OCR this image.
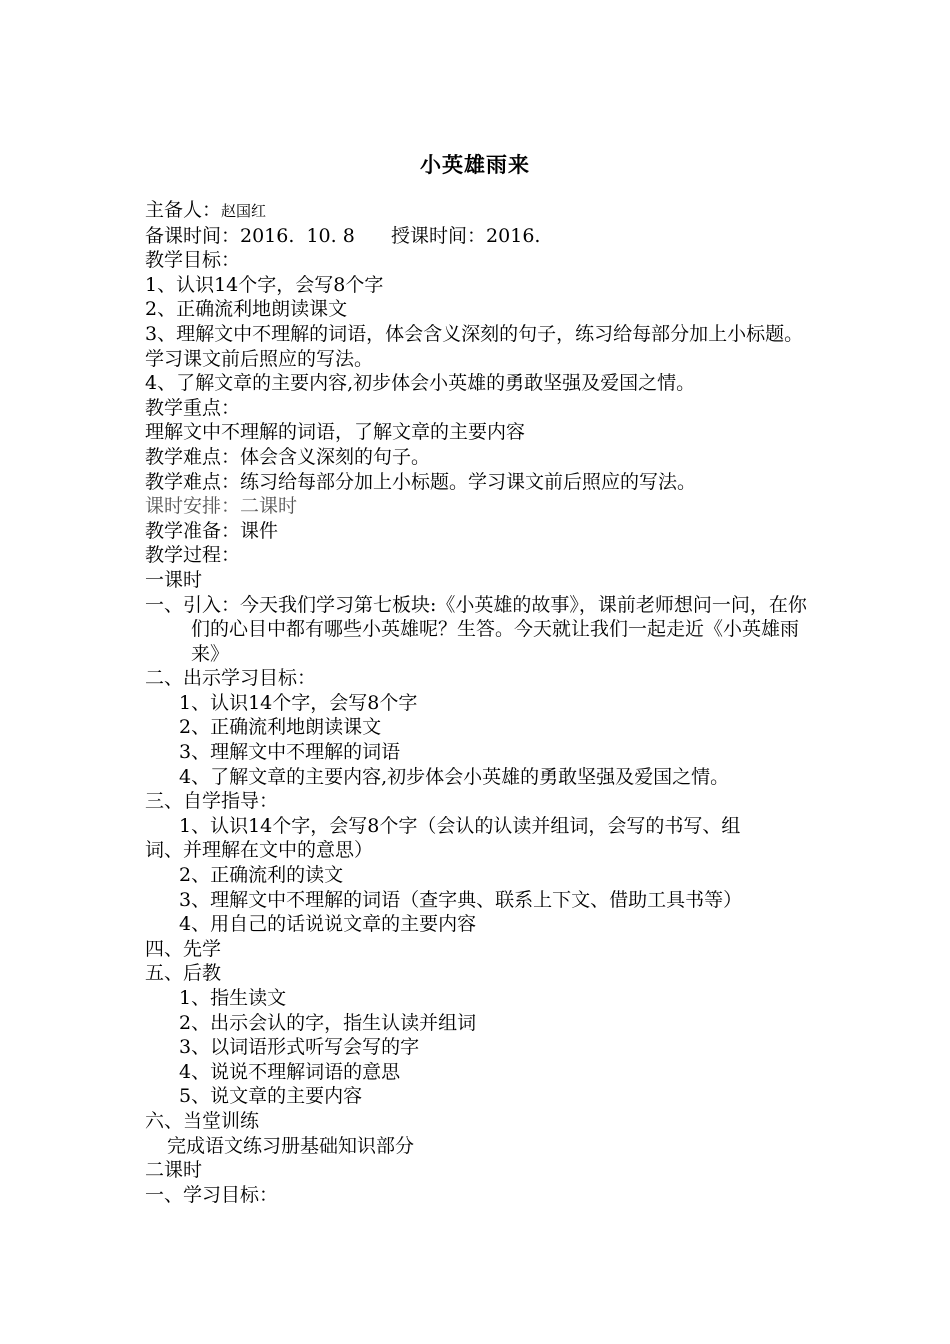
小英雄雨来
主备人：赵国红
备课时间：2016.  10. 8      授课时间：2016.
教学目标：
1、认识14个字，会写8个字
2、正确流利地朗读课文
3、理解文中不理解的词语，体会含义深刻的句子，练习给每部分加上小标题。学习课文前后照应的写法。
4、了解文章的主要内容,初步体会小英雄的勇敢坚强及爱国之情。
教学重点：
理解文中不理解的词语，了解文章的主要内容
教学难点：体会含义深刻的句子。
教学难点：练习给每部分加上小标题。学习课文前后照应的写法。
课时安排：二课时
教学准备：课件
教学过程：
一课时
一、引入：今天我们学习第七板块:《小英雄的故事》，课前老师想问一问，在你们的心目中都有哪些小英雄呢？生答。今天就让我们一起走近《小英雄雨来》
二、出示学习目标：
1、认识14个字，会写8个字
2、正确流利地朗读课文
3、理解文中不理解的词语
4、了解文章的主要内容,初步体会小英雄的勇敢坚强及爱国之情。
三、自学指导：
1、认识14个字，会写8个字（会认的认读并组词，会写的书写、组
词、并理解在文中的意思）
2、正确流利的读文
3、理解文中不理解的词语（查字典、联系上下文、借助工具书等）
4、用自己的话说说文章的主要内容
四、先学
五、后教
1、指生读文
2、出示会认的字，指生认读并组词
3、以词语形式听写会写的字
4、说说不理解词语的意思
5、说文章的主要内容
六、当堂训练
完成语文练习册基础知识部分
二课时
一、学习目标：
